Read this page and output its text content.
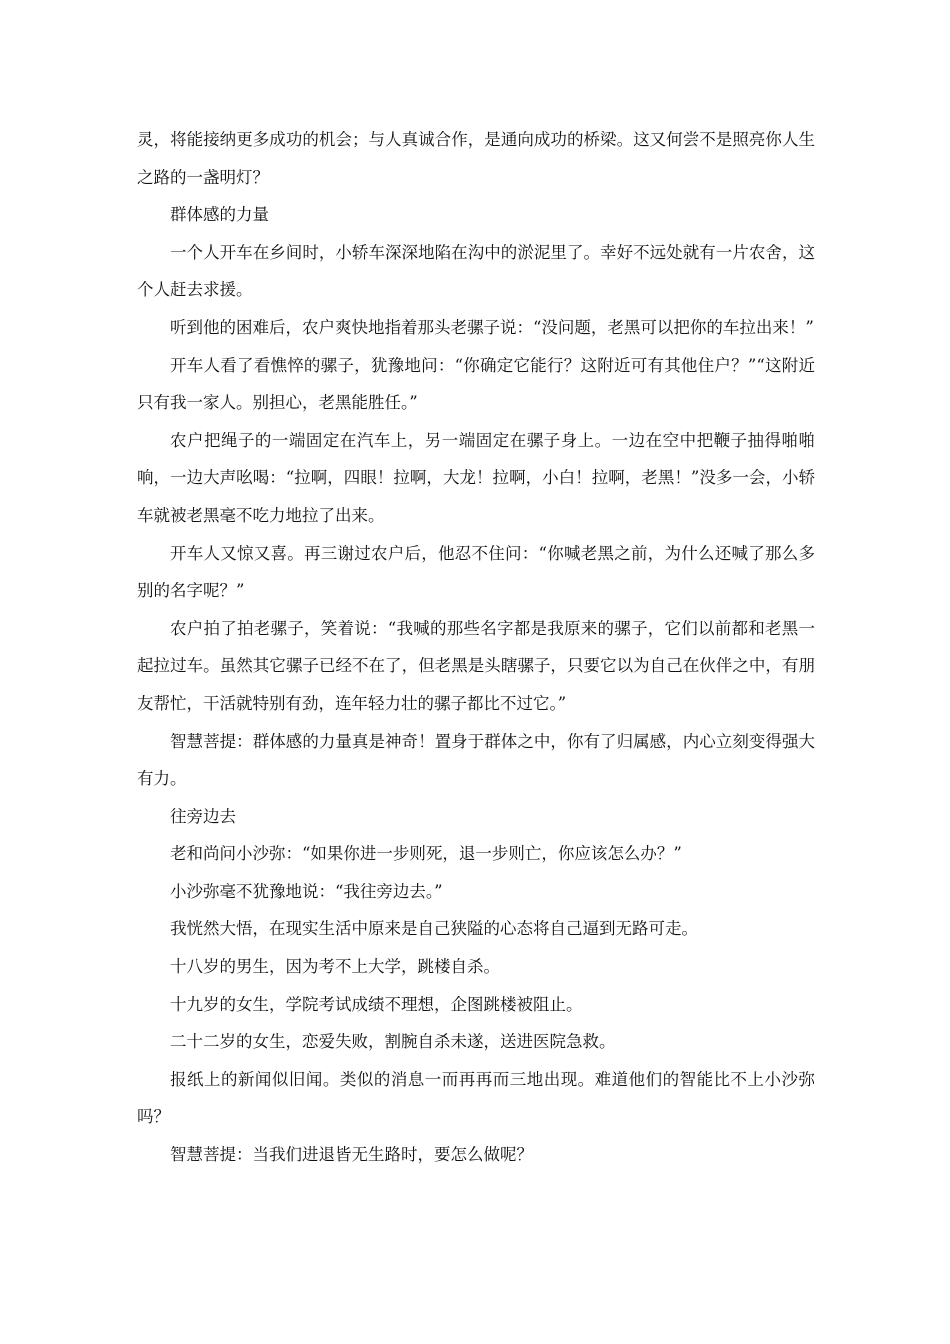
灵，将能接纳更多成功的机会；与人真诚合作，是通向成功的桥梁。这又何尝不是照亮你人生之路的一盏明灯？

群体感的力量

一个人开车在乡间时，小轿车深深地陷在沟中的淤泥里了。幸好不远处就有一片农舍，这个人赶去求援。

听到他的困难后，农户爽快地指着那头老骡子说：“没问题，老黑可以把你的车拉出来！”

开车人看了看憔悴的骡子，犹豫地问：“你确定它能行？这附近可有其他住户？”“这附近只有我一家人。别担心，老黑能胜任。”

农户把绳子的一端固定在汽车上，另一端固定在骡子身上。一边在空中把鞭子抽得啪啪响，一边大声吆喝：“拉啊，四眼！拉啊，大龙！拉啊，小白！拉啊，老黑！”没多一会，小轿车就被老黑毫不吃力地拉了出来。

开车人又惊又喜。再三谢过农户后，他忍不住问：“你喊老黑之前，为什么还喊了那么多别的名字呢？”

农户拍了拍老骡子，笑着说：“我喊的那些名字都是我原来的骡子，它们以前都和老黑一起拉过车。虽然其它骡子已经不在了，但老黑是头瞎骡子，只要它以为自己在伙伴之中，有朋友帮忙，干活就特别有劲，连年轻力壮的骡子都比不过它。”

智慧菩提：群体感的力量真是神奇！置身于群体之中，你有了归属感，内心立刻变得强大有力。

往旁边去

老和尚问小沙弥：“如果你进一步则死，退一步则亡，你应该怎么办？”

小沙弥毫不犹豫地说：“我往旁边去。”

我恍然大悟，在现实生活中原来是自己狭隘的心态将自己逼到无路可走。

十八岁的男生，因为考不上大学，跳楼自杀。

十九岁的女生，学院考试成绩不理想，企图跳楼被阻止。

二十二岁的女生，恋爱失败，割腕自杀未遂，送进医院急救。

报纸上的新闻似旧闻。类似的消息一而再再而三地出现。难道他们的智能比不上小沙弥吗？

智慧菩提：当我们进退皆无生路时，要怎么做呢？
